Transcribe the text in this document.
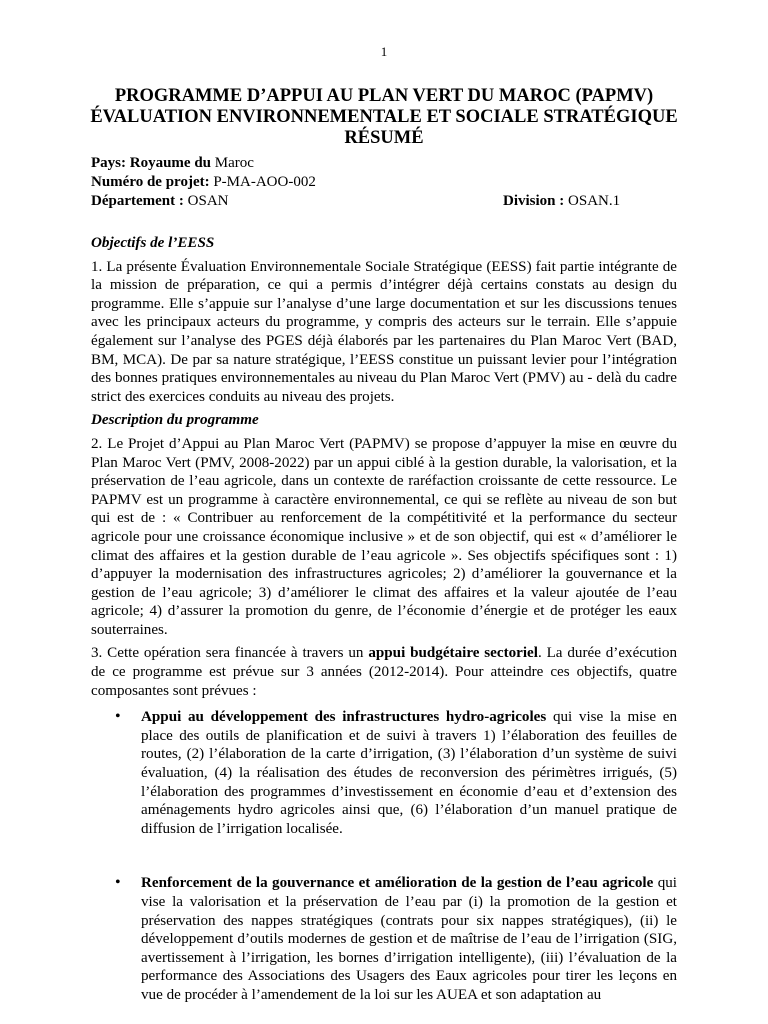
1
PROGRAMME D’APPUI AU PLAN VERT DU MAROC (PAPMV)
ÉVALUATION ENVIRONNEMENTALE ET SOCIALE STRATÉGIQUE
RÉSUMÉ
Pays: Royaume du Maroc
Numéro de projet: P-MA-AOO-002
Département : OSAN	Division : OSAN.1
Objectifs de l’EESS
1. La présente Évaluation Environnementale Sociale Stratégique (EESS) fait partie intégrante de la mission de préparation, ce qui a permis d’intégrer déjà certains constats au design du programme. Elle s’appuie sur l’analyse d’une large documentation et sur les discussions tenues avec les principaux acteurs du programme, y compris des acteurs sur le terrain. Elle s’appuie également sur l’analyse des PGES déjà élaborés par les partenaires du Plan Maroc Vert (BAD, BM, MCA). De par sa nature stratégique, l’EESS constitue un puissant levier pour l’intégration des bonnes pratiques environnementales au niveau du Plan Maroc Vert (PMV) au - delà du cadre strict des exercices conduits au niveau des projets.
Description du programme
2. Le Projet d’Appui au Plan Maroc Vert (PAPMV) se propose d’appuyer la mise en œuvre du Plan Maroc Vert (PMV, 2008-2022) par un appui ciblé à la gestion durable, la valorisation, et la préservation de l’eau agricole, dans un contexte de raréfaction croissante de cette ressource. Le PAPMV est un programme à caractère environnemental, ce qui se reflète au niveau de son but qui est de : « Contribuer au renforcement de la compétitivité et la performance du secteur agricole pour une croissance économique inclusive » et de son objectif, qui est « d’améliorer le climat des affaires et la gestion durable de l’eau agricole ». Ses objectifs spécifiques sont : 1) d’appuyer la modernisation des infrastructures agricoles; 2) d’améliorer la gouvernance et la gestion de l’eau agricole; 3) d’améliorer le climat des affaires et la valeur ajoutée de l’eau agricole; 4) d’assurer la promotion du genre, de l’économie d’énergie et de protéger les eaux souterraines.
3. Cette opération sera financée à travers un appui budgétaire sectoriel. La durée d’exécution de ce programme est prévue sur 3 années (2012-2014). Pour atteindre ces objectifs, quatre composantes sont prévues :
• Appui au développement des infrastructures hydro-agricoles qui vise la mise en place des outils de planification et de suivi à travers 1) l’élaboration des feuilles de routes, (2) l’élaboration de la carte d’irrigation, (3) l’élaboration d’un système de suivi évaluation, (4) la réalisation des études de reconversion des périmètres irrigués, (5) l’élaboration des programmes d’investissement en économie d’eau et d’extension des aménagements hydro agricoles ainsi que, (6) l’élaboration d’un manuel pratique de diffusion de l’irrigation localisée.
• Renforcement de la gouvernance et amélioration de la gestion de l’eau agricole qui vise la valorisation et la préservation de l’eau par (i) la promotion de la gestion et préservation des nappes stratégiques (contrats pour six nappes stratégiques), (ii) le développement d’outils modernes de gestion et de maîtrise de l’eau de l’irrigation (SIG, avertissement à l’irrigation, les bornes d’irrigation intelligente), (iii) l’évaluation de la performance des Associations des Usagers des Eaux agricoles pour tirer les leçons en vue de procéder à l’amendement de la loi sur les AUEA et son adaptation au
